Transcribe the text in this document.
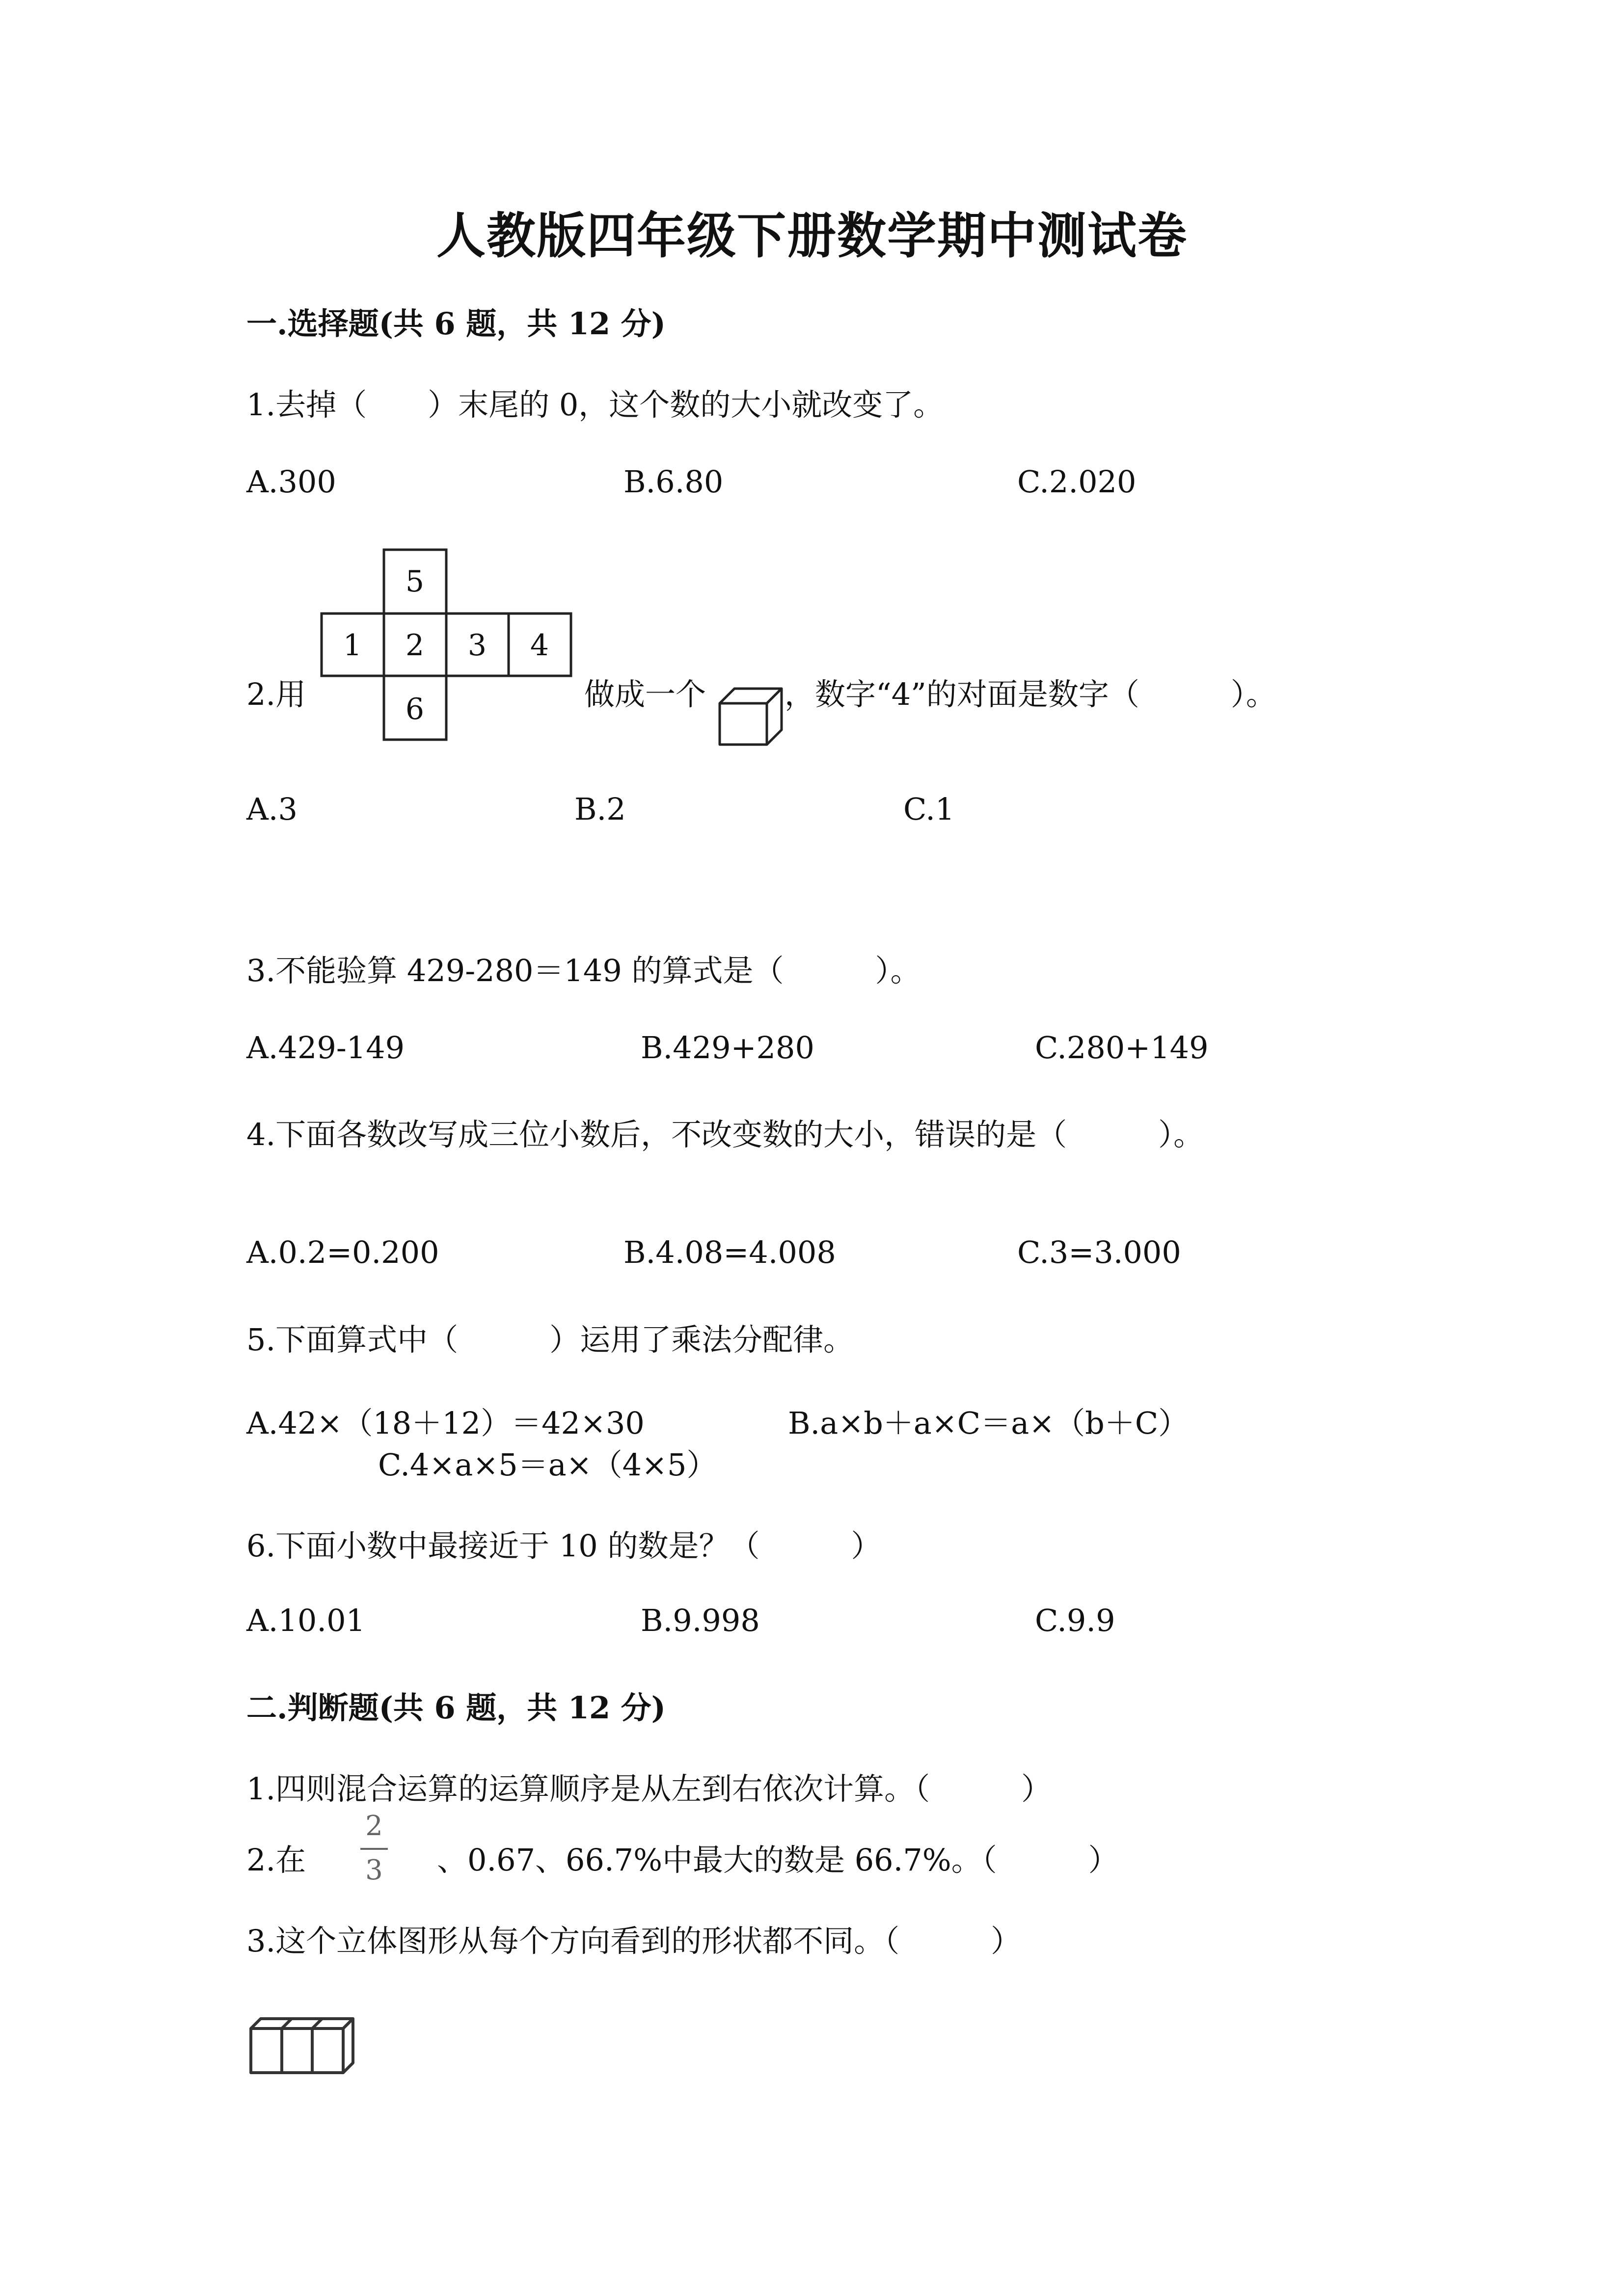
人教版四年级下册数学期中测试卷
一.选择题(共 6 题，共 12 分)
1.去掉（　　）末尾的 0，这个数的大小就改变了。
A.300	B.6.80	C.2.020
2.用
5
1 2 3 4
6	做成一个	，数字“4”的对面是数字（　　　）。
A.3	B.2	C.1
3.不能验算 429-280＝149 的算式是（　　　）。
A.429-149	B.429+280	C.280+149
4.下面各数改写成三位小数后，不改变数的大小，错误的是（　　　）。
A.0.2=0.200	B.4.08=4.008	C.3=3.000
5.下面算式中（　　　）运用了乘法分配律。
A.42×（18＋12）＝42×30	B.a×b＋a×C＝a×（b＋C）
C.4×a×5＝a×（4×5）
6.下面小数中最接近于 10 的数是？（　　　）
A.10.01	B.9.998	C.9.9
二.判断题(共 6 题，共 12 分)
1.四则混合运算的运算顺序是从左到右依次计算。（　　　）
2.在
2
3	、0.67、66.7%中最大的数是 66.7%。（　　　）
3.这个立体图形从每个方向看到的形状都不同。（　　　）
